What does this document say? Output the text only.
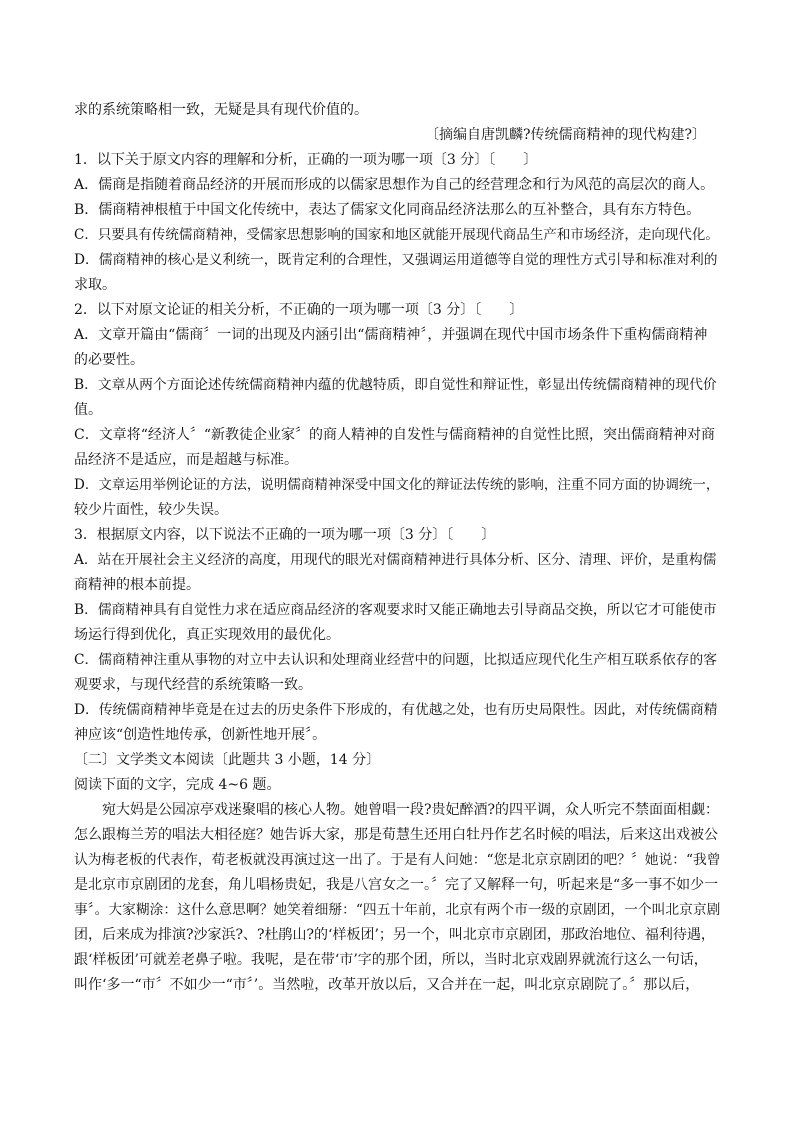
求的系统策略相一致，无疑是具有现代价值的。
〔摘编自唐凯麟?传统儒商精神的现代构建?〕
1．以下关于原文内容的理解和分析，正确的一项为哪一项〔3 分〕〔　　〕
A．儒商是指随着商品经济的开展而形成的以儒家思想作为自己的经营理念和行为风范的高层次的商人。
B．儒商精神根植于中国文化传统中，表达了儒家文化同商品经济法那么的互补整合，具有东方特色。
C．只要具有传统儒商精神，受儒家思想影响的国家和地区就能开展现代商品生产和市场经济，走向现代化。
D．儒商精神的核心是义利统一，既肯定利的合理性，又强调运用道德等自觉的理性方式引导和标准对利的
求取。
2．以下对原文论证的相关分析，不正确的一项为哪一项〔3 分〕〔　　〕
A．文章开篇由“儒商〞一词的出现及内涵引出“儒商精神〞，并强调在现代中国市场条件下重构儒商精神
的必要性。
B．文章从两个方面论述传统儒商精神内蕴的优越特质，即自觉性和辩证性，彰显出传统儒商精神的现代价
值。
C．文章将“经济人〞“新教徒企业家〞的商人精神的自发性与儒商精神的自觉性比照，突出儒商精神对商
品经济不是适应，而是超越与标准。
D．文章运用举例论证的方法，说明儒商精神深受中国文化的辩证法传统的影响，注重不同方面的协调统一，
较少片面性，较少失误。
3．根据原文内容，以下说法不正确的一项为哪一项〔3 分〕〔　　〕
A．站在开展社会主义经济的高度，用现代的眼光对儒商精神进行具体分析、区分、清理、评价，是重构儒
商精神的根本前提。
B．儒商精神具有自觉性力求在适应商品经济的客观要求时又能正确地去引导商品交换，所以它才可能使市
场运行得到优化，真正实现效用的最优化。
C．儒商精神注重从事物的对立中去认识和处理商业经营中的问题，比拟适应现代化生产相互联系依存的客
观要求，与现代经营的系统策略一致。
D．传统儒商精神毕竟是在过去的历史条件下形成的，有优越之处，也有历史局限性。因此，对传统儒商精
神应该“创造性地传承，创新性地开展〞。
〔二〕文学类文本阅读〔此题共 3 小题，14 分〕
阅读下面的文字，完成 4~6 题。
宛大妈是公园凉亭戏迷聚唱的核心人物。她曾唱一段?贵妃醉酒?的四平调，众人听完不禁面面相觑：
怎么跟梅兰芳的唱法大相径庭？她告诉大家，那是荀慧生还用白牡丹作艺名时候的唱法，后来这出戏被公
认为梅老板的代表作，荀老板就没再演过这一出了。于是有人问她：“您是北京京剧团的吧？〞她说：“我曾
是北京市京剧团的龙套，角儿唱杨贵妃，我是八宫女之一。〞完了又解释一句，听起来是“多一事不如少一
事〞。大家糊涂：这什么意思啊？她笑着细掰：“四五十年前，北京有两个市一级的京剧团，一个叫北京京剧
团，后来成为排演?沙家浜?、?杜鹃山?的‘样板团’；另一个，叫北京市京剧团，那政治地位、福利待遇，
跟‘样板团’可就差老鼻子啦。我呢，是在带‘市’字的那个团，所以，当时北京戏剧界就流行这么一句话，
叫作‘多一“市〞不如少一“市〞’。当然啦，改革开放以后，又合并在一起，叫北京京剧院了。〞那以后，
